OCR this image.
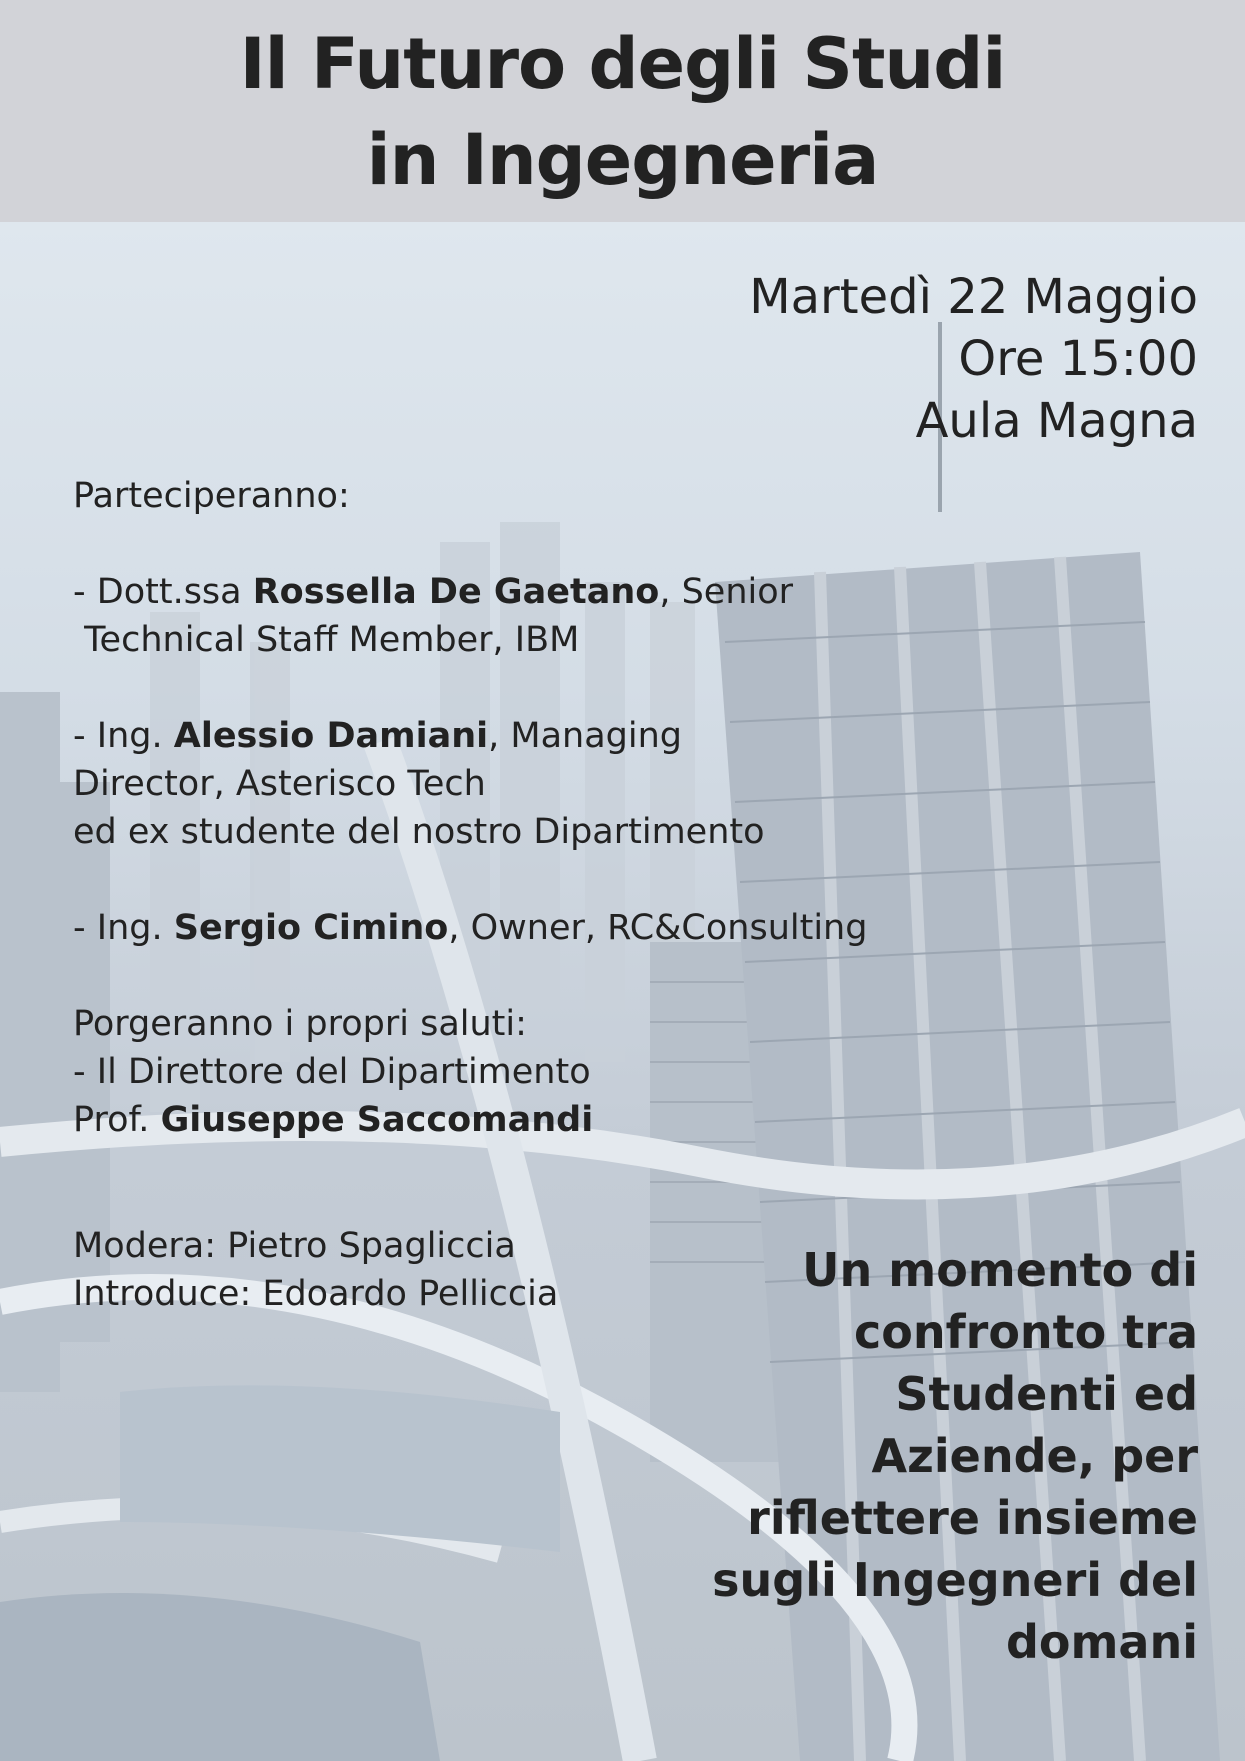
Il Futuro degli Studi
in Ingegneria
Martedì 22 Maggio
Ore 15:00
Aula Magna

Parteciperanno:

- Dott.ssa Rossella De Gaetano, Senior

Technical Staff Member, IBM

- Ing. Alessio Damiani, Managing

Director, Asterisco Tech

ed ex studente del nostro Dipartimento

- Ing. Sergio Cimino, Owner, RC&Consulting

Porgeranno i propri saluti:

- Il Direttore del Dipartimento

Prof. Giuseppe Saccomandi

Modera: Pietro Spagliccia

Introduce: Edoardo Pelliccia	Un momento di
confronto tra
Studenti ed
Aziende, per
riflettere insieme
sugli Ingegneri del
domani
